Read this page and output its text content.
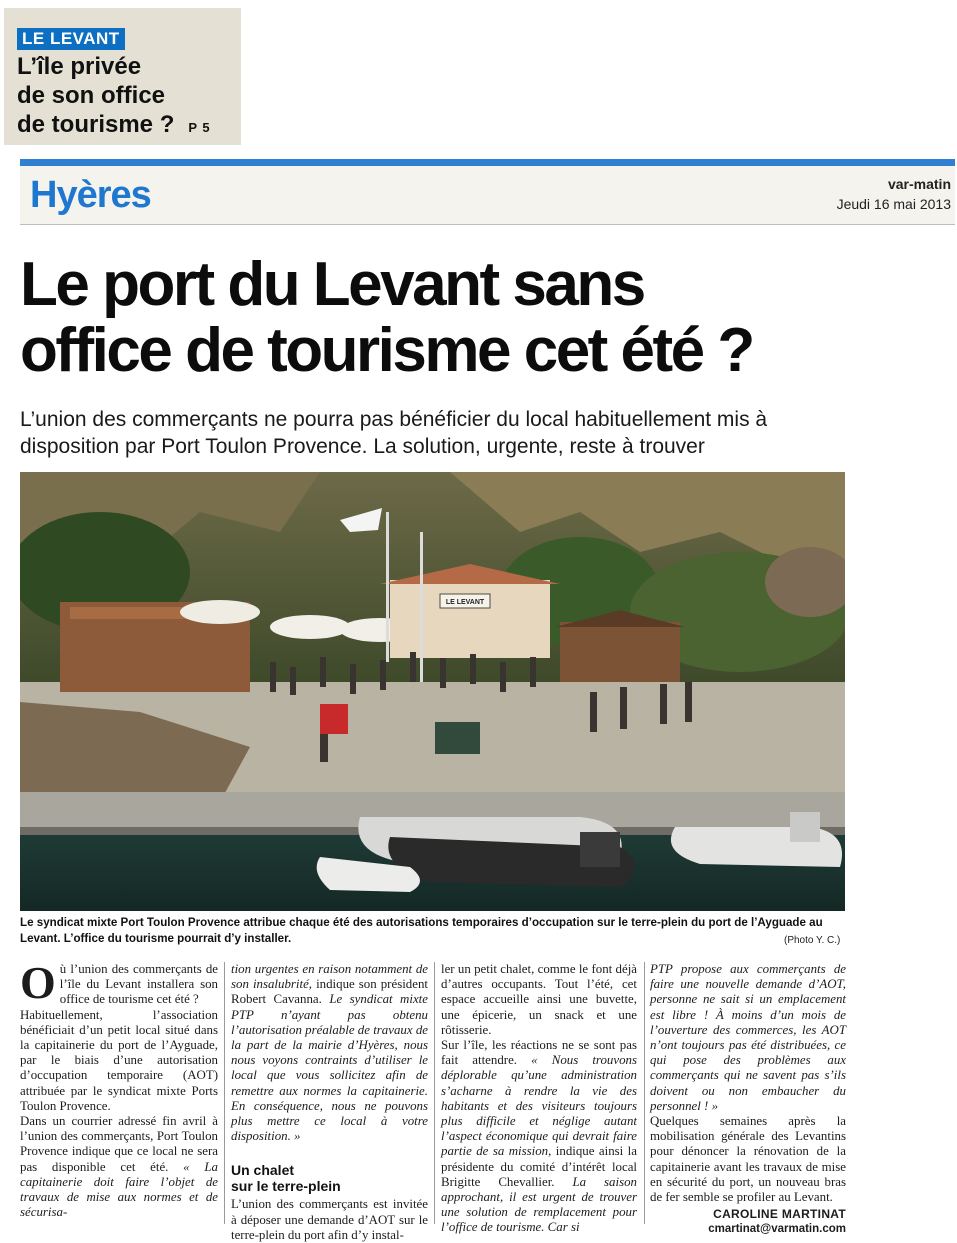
LE LEVANT
L’île privée
de son office
de tourisme ? P 5
Hyères	var-matin
Jeudi 16 mai 2013
Le port du Levant sans
office de tourisme cet été ?

L’union des commerçants ne pourra pas bénéficier du local habituellement mis à disposition par Port Toulon Provence. La solution, urgente, reste à trouver

LE LEVANT

Le syndicat mixte Port Toulon Provence attribue chaque été des autorisations temporaires d’occupation sur le terre-plein du port de l’Ayguade au Levant. L’office du tourisme pourrait d’y installer.	(Photo Y. C.)

Où l’union des commerçants de l’île du Levant installera son office de tourisme cet été ?

Habituellement, l’association bénéficiait d’un petit local situé dans la capitainerie du port de l’Ayguade, par le biais d’une autorisation d’occupation temporaire (AOT) attribuée par le syndicat mixte Ports Toulon Provence.

Dans un courrier adressé fin avril à l’union des commerçants, Port Toulon Provence indique que ce local ne sera pas disponible cet été. « La capitainerie doit faire l’objet de travaux de mise aux normes et de sécurisa-

tion urgentes en raison notamment de son insalubrité, indique son président Robert Cavanna. Le syndicat mixte PTP n’ayant pas obtenu l’autorisation préalable de travaux de la part de la mairie d’Hyères, nous nous voyons contraints d’utiliser le local que vous sollicitez afin de remettre aux normes la capitainerie. En conséquence, nous ne pouvons plus mettre ce local à votre disposition. »

Un chalet
sur le terre-plein

L’union des commerçants est invitée à déposer une demande d’AOT sur le terre-plein du port afin d’y instal-

ler un petit chalet, comme le font déjà d’autres occupants. Tout l’été, cet espace accueille ainsi une buvette, une épicerie, un snack et une rôtisserie.

Sur l’île, les réactions ne se sont pas fait attendre. « Nous trouvons déplorable qu’une administration s’acharne à rendre la vie des habitants et des visiteurs toujours plus difficile et néglige autant l’aspect économique qui devrait faire partie de sa mission, indique ainsi la présidente du comité d’intérêt local Brigitte Chevallier. La saison approchant, il est urgent de trouver une solution de remplacement pour l’office de tourisme. Car si

PTP propose aux commerçants de faire une nouvelle demande d’AOT, personne ne sait si un emplacement est libre ! À moins d’un mois de l’ouverture des commerces, les AOT n’ont toujours pas été distribuées, ce qui pose des problèmes aux commerçants qui ne savent pas s’ils doivent ou non embaucher du personnel ! »

Quelques semaines après la mobilisation générale des Levantins pour dénoncer la rénovation de la capitainerie avant les travaux de mise en sécurité du port, un nouveau bras de fer semble se profiler au Levant.

CAROLINE MARTINAT
cmartinat@varmatin.com
